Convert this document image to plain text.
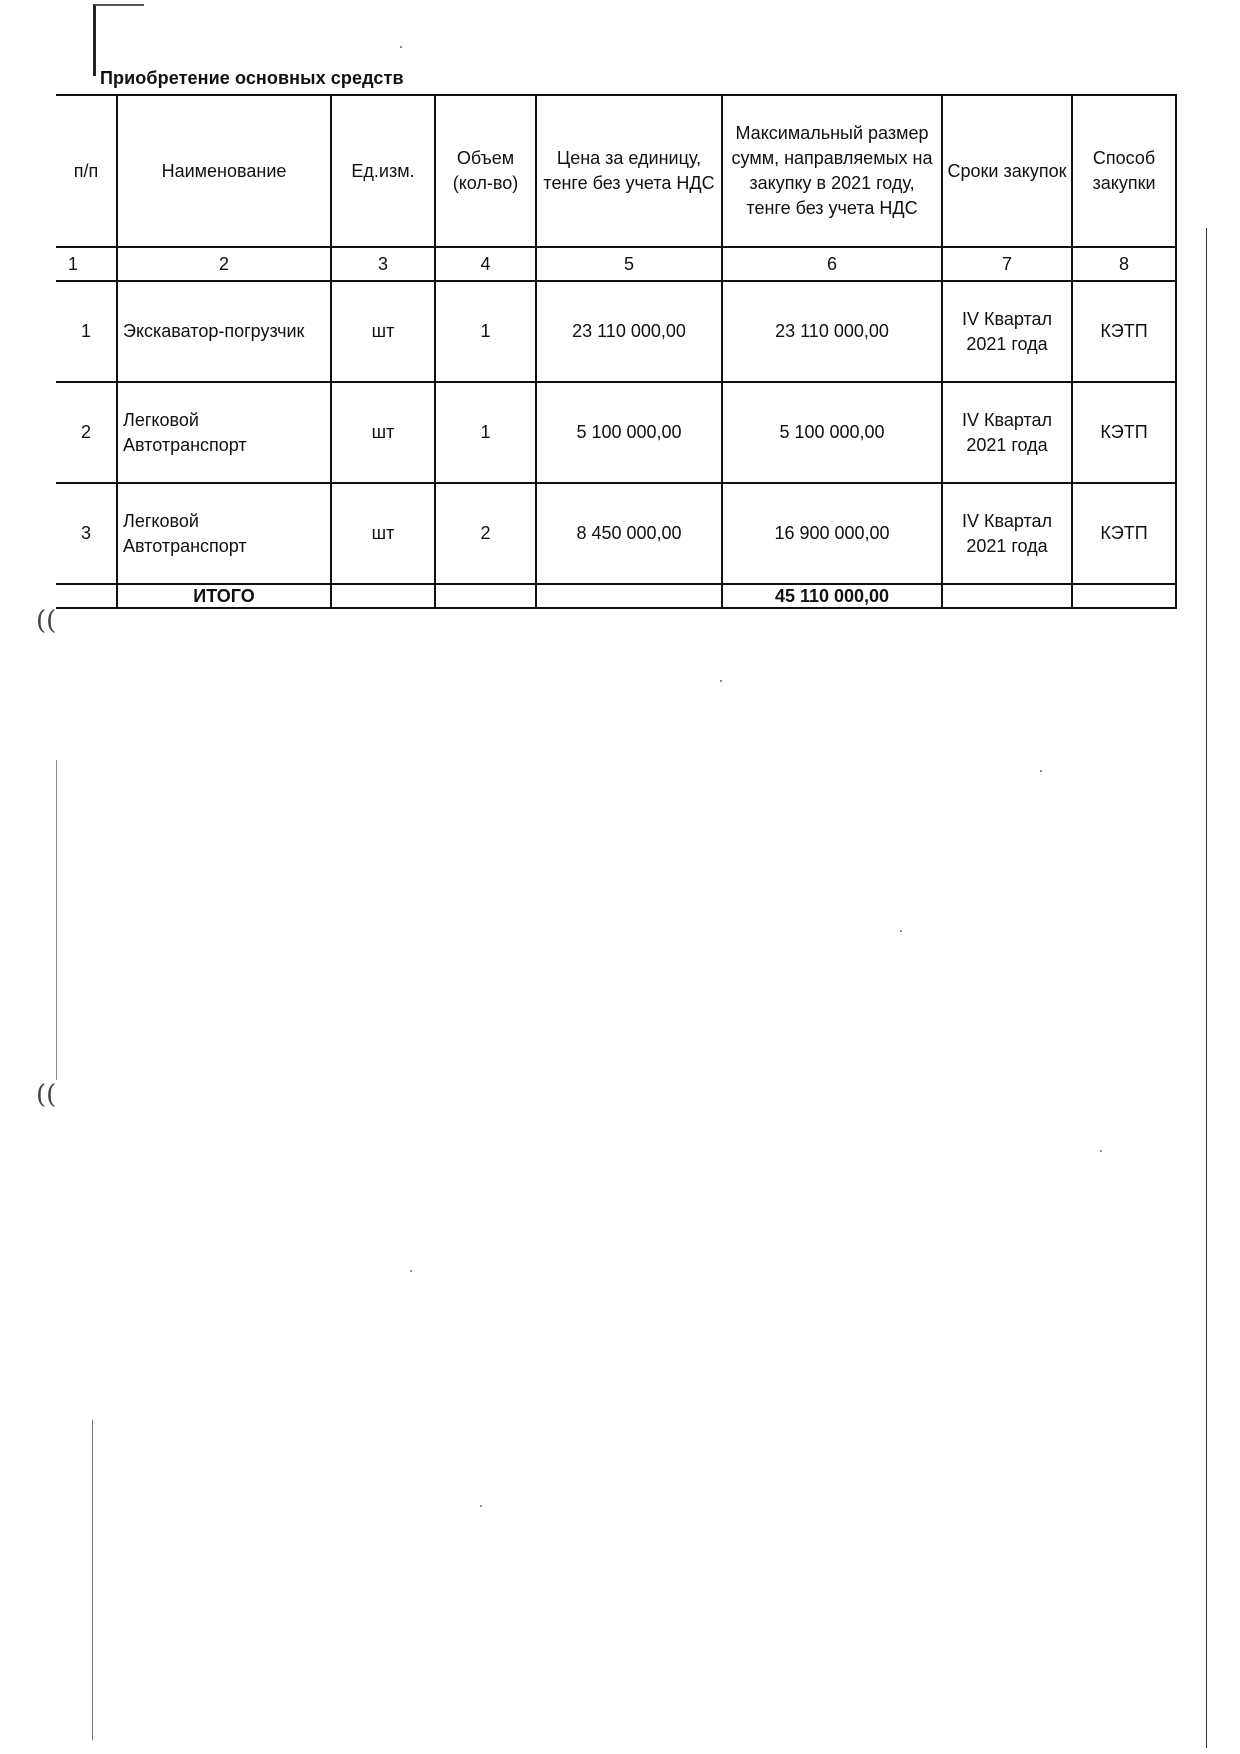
((
((
Приобретение основных средств
п/п	Наименование	Ед.изм.	Объем (кол-во)	Цена за единицу, тенге без учета НДС	Максимальный размер сумм, направляемых на закупку в 2021 году, тенге без учета НДС	Сроки закупок	Способ закупки
1	2	3	4	5	6	7	8
1	Экскаватор-погрузчик	шт	1	23 110 000,00	23 110 000,00	IV Квартал 2021 года	КЭТП
2	Легковой Автотранспорт	шт	1	5 100 000,00	5 100 000,00	IV Квартал 2021 года	КЭТП
3	Легковой Автотранспорт	шт	2	8 450 000,00	16 900 000,00	IV Квартал 2021 года	КЭТП
	ИТОГО				45 110 000,00		
